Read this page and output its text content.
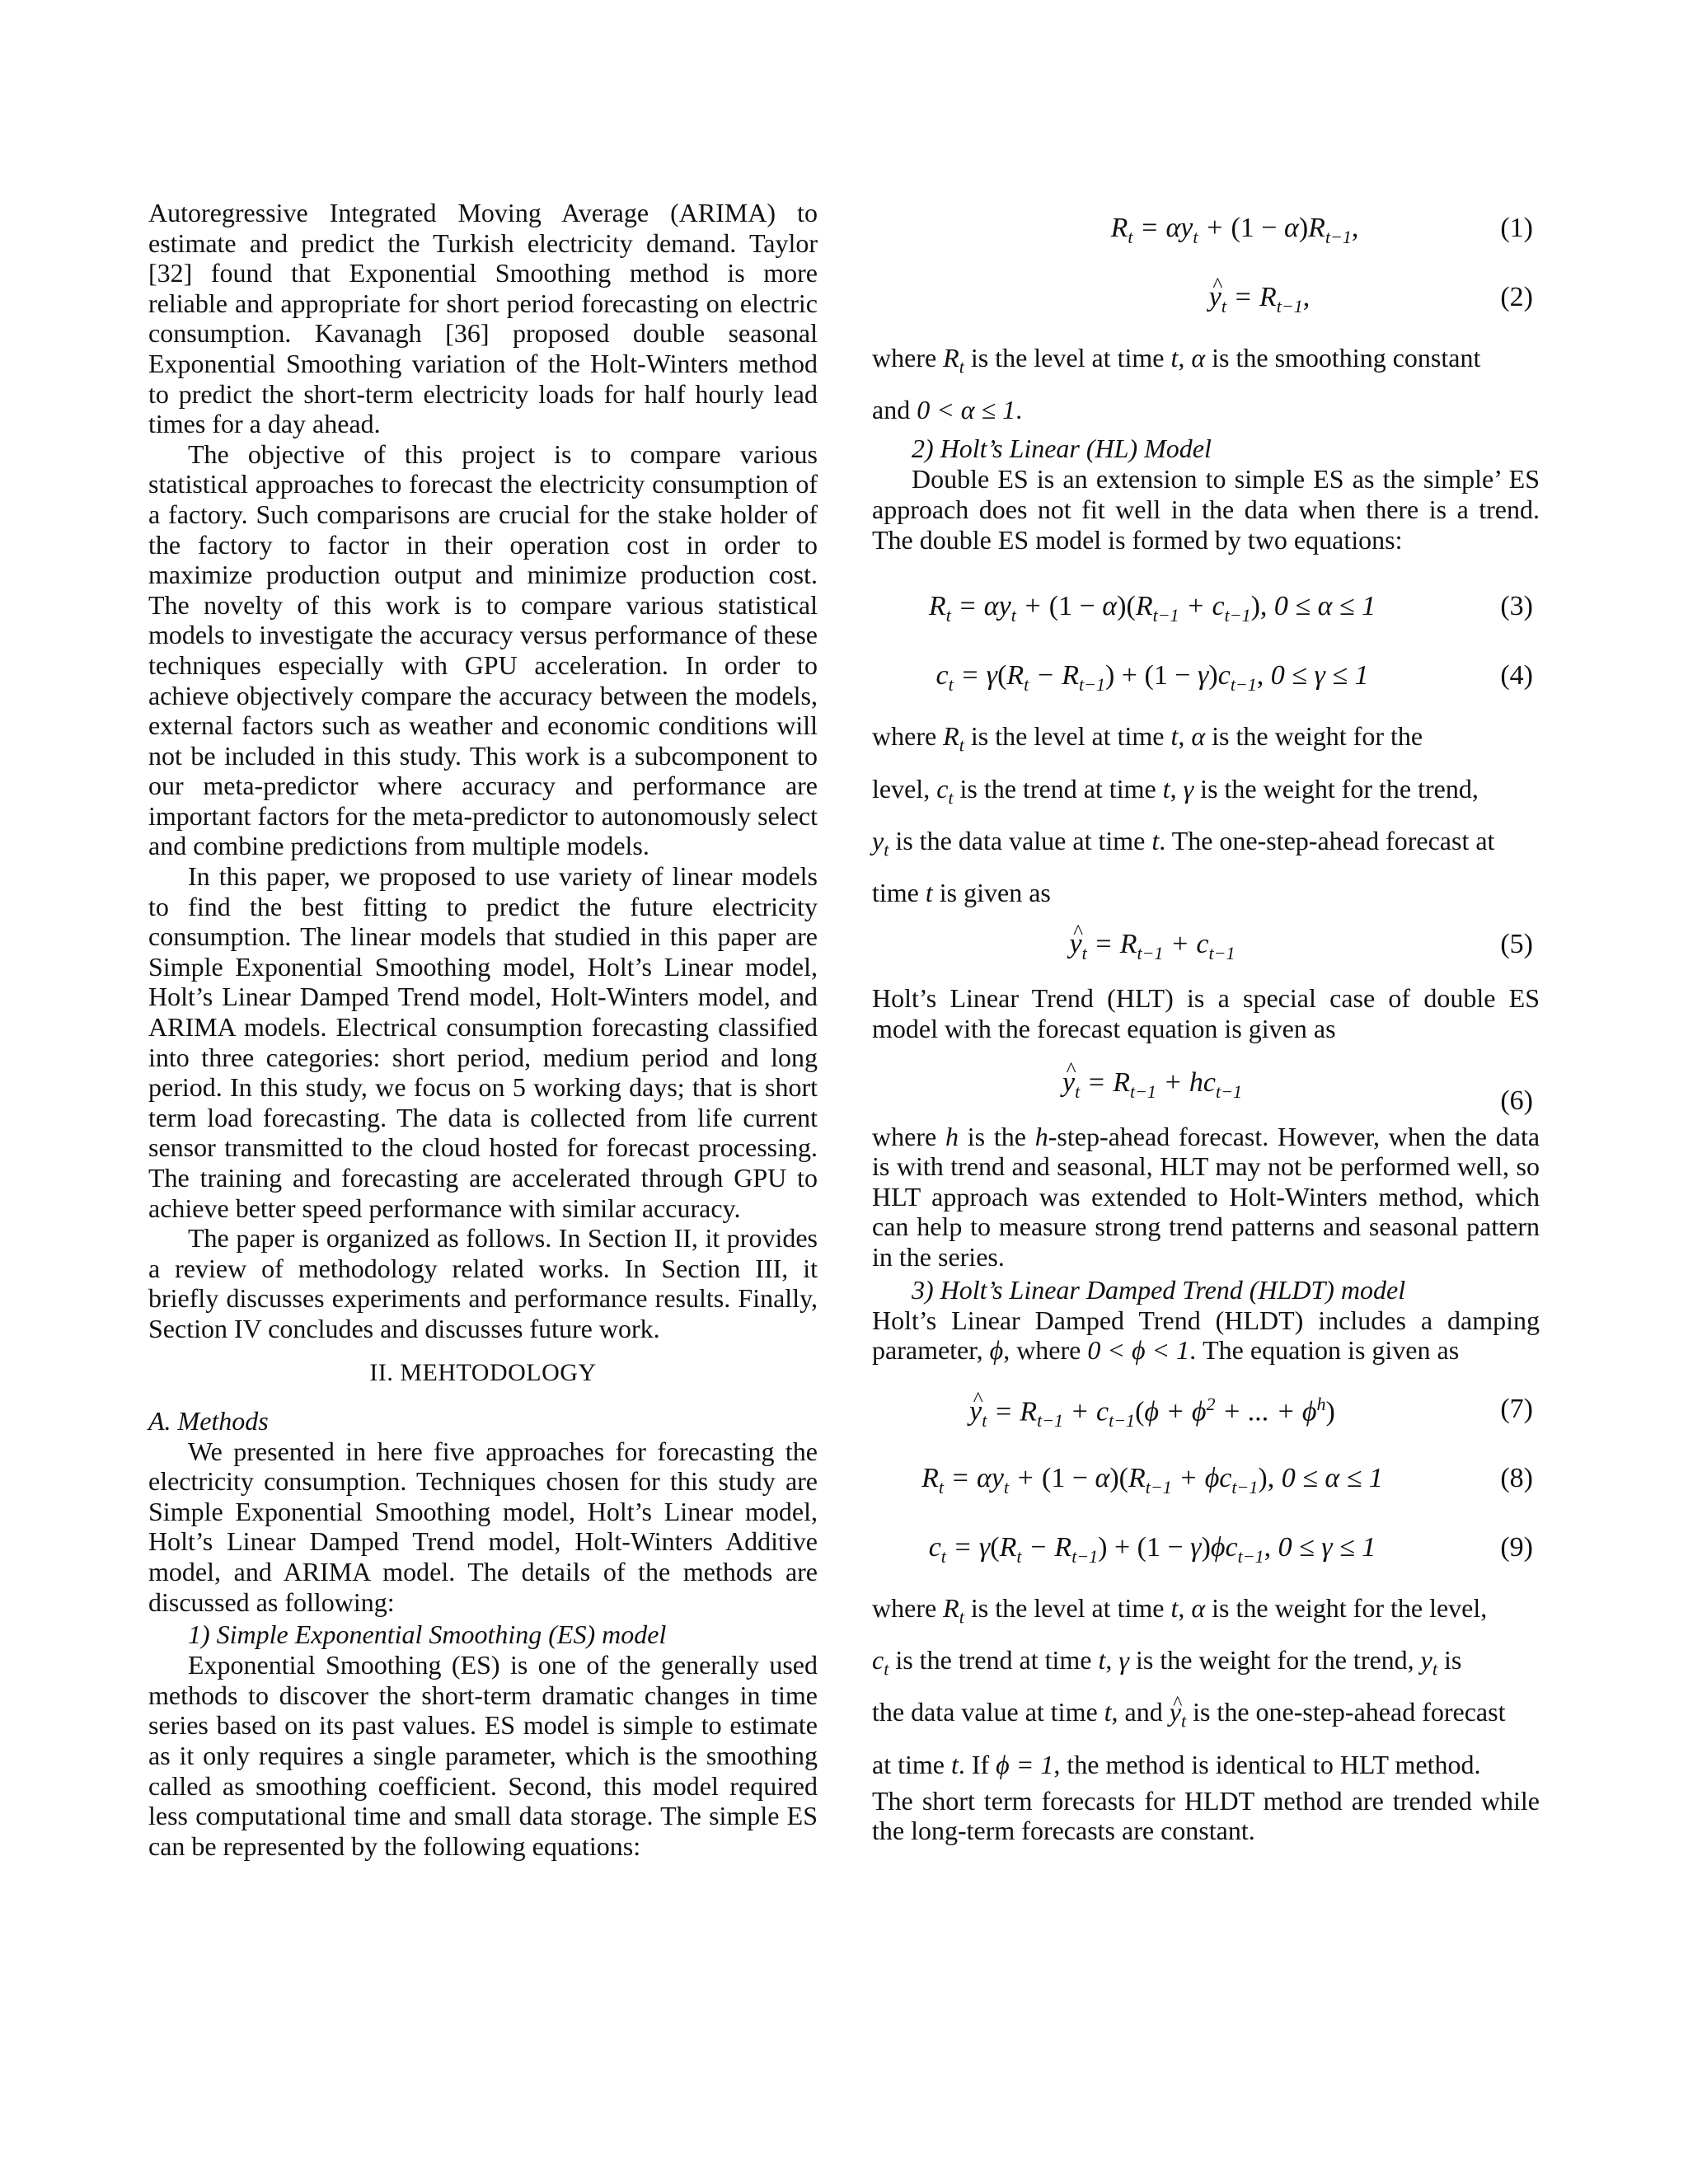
Autoregressive Integrated Moving Average (ARIMA) to estimate and predict the Turkish electricity demand. Taylor [32] found that Exponential Smoothing method is more reliable and appropriate for short period forecasting on electric consumption. Kavanagh [36] proposed double seasonal Exponential Smoothing variation of the Holt-Winters method to predict the short-term electricity loads for half hourly lead times for a day ahead.

The objective of this project is to compare various statistical approaches to forecast the electricity consumption of a factory. Such comparisons are crucial for the stake holder of the factory to factor in their operation cost in order to maximize production output and minimize production cost. The novelty of this work is to compare various statistical models to investigate the accuracy versus performance of these techniques especially with GPU acceleration. In order to achieve objectively compare the accuracy between the models, external factors such as weather and economic conditions will not be included in this study. This work is a subcomponent to our meta-predictor where accuracy and performance are important factors for the meta-predictor to autonomously select and combine predictions from multiple models.

In this paper, we proposed to use variety of linear models to find the best fitting to predict the future electricity consumption. The linear models that studied in this paper are Simple Exponential Smoothing model, Holt’s Linear model, Holt’s Linear Damped Trend model, Holt-Winters model, and ARIMA models. Electrical consumption forecasting classified into three categories: short period, medium period and long period. In this study, we focus on 5 working days; that is short term load forecasting. The data is collected from life current sensor transmitted to the cloud hosted for forecast processing. The training and forecasting are accelerated through GPU to achieve better speed performance with similar accuracy.

The paper is organized as follows. In Section II, it provides a review of methodology related works. In Section III, it briefly discusses experiments and performance results. Finally, Section IV concludes and discusses future work.

II. MEHTODOLOGY
A. Methods

We presented in here five approaches for forecasting the electricity consumption. Techniques chosen for this study are Simple Exponential Smoothing model, Holt’s Linear model, Holt’s Linear Damped Trend model, Holt-Winters Additive model, and ARIMA model. The details of the methods are discussed as following:

1) Simple Exponential Smoothing (ES) model

Exponential Smoothing (ES) is one of the generally used methods to discover the short-term dramatic changes in time series based on its past values. ES model is simple to estimate as it only requires a single parameter, which is the smoothing called as smoothing coefficient. Second, this model required less computational time and small data storage. The simple ES can be represented by the following equations:

$R_t = \alpha y_t + (1 - \alpha)R_{t-1}$,	(1)
y $\^{}_t = R_{t-1}$,	(2)

where $R_t$ is the level at time t, α is the smoothing constant
and 0 < α ≤ 1.

2) Holt’s Linear (HL) Model

Double ES is an extension to simple ES as the simple’ ES approach does not fit well in the data when there is a trend. The double ES model is formed by two equations:

$R_t = \alpha y_t + (1 - \alpha)(R_{t-1} + c_{t-1})$, 0 ≤ α ≤ 1	(3)
$c_t = \gamma(R_t - R_{t-1}) + (1 - \gamma)c_{t-1}$, 0 ≤ γ ≤ 1	(4)

where $R_t$ is the level at time t, α is the weight for the
level, $c_t$ is the trend at time t, γ is the weight for the trend,
$y_t$ is the data value at time t. The one-step-ahead forecast at
time t is given as

y $\^{}_t = R_{t-1} + c_{t-1}$	(5)

Holt’s Linear Trend (HLT) is a special case of double ES model with the forecast equation is given as

y $\^{}_t = R_{t-1} + hc_{t-1}$	(6)

where h is the h-step-ahead forecast. However, when the data is with trend and seasonal, HLT may not be performed well, so HLT approach was extended to Holt-Winters method, which can help to measure strong trend patterns and seasonal pattern in the series.

3) Holt’s Linear Damped Trend (HLDT) model

Holt’s Linear Damped Trend (HLDT) includes a damping parameter, ϕ, where 0 < ϕ < 1. The equation is given as

y $\^{}_t = R_{t-1} + c_{t-1}(\phi + \phi^2$ + ... + $\phi^h$)	(7)
$R_t = \alpha y_t + (1 - \alpha)(R_{t-1} + \phi c_{t-1})$, 0 ≤ α ≤ 1	(8)
$c_t = \gamma(R_t - R_{t-1}) + (1 - \gamma)\phi c_{t-1}$, 0 ≤ γ ≤ 1	(9)

where $R_t$ is the level at time t, α is the weight for the level,
$c_t$ is the trend at time t, γ is the weight for the trend, $y_t$ is
the data value at time t, and y $\^{}_t$ is the one-step-ahead forecast
at time t. If ϕ = 1, the method is identical to HLT method.

The short term forecasts for HLDT method are trended while the long-term forecasts are constant.
